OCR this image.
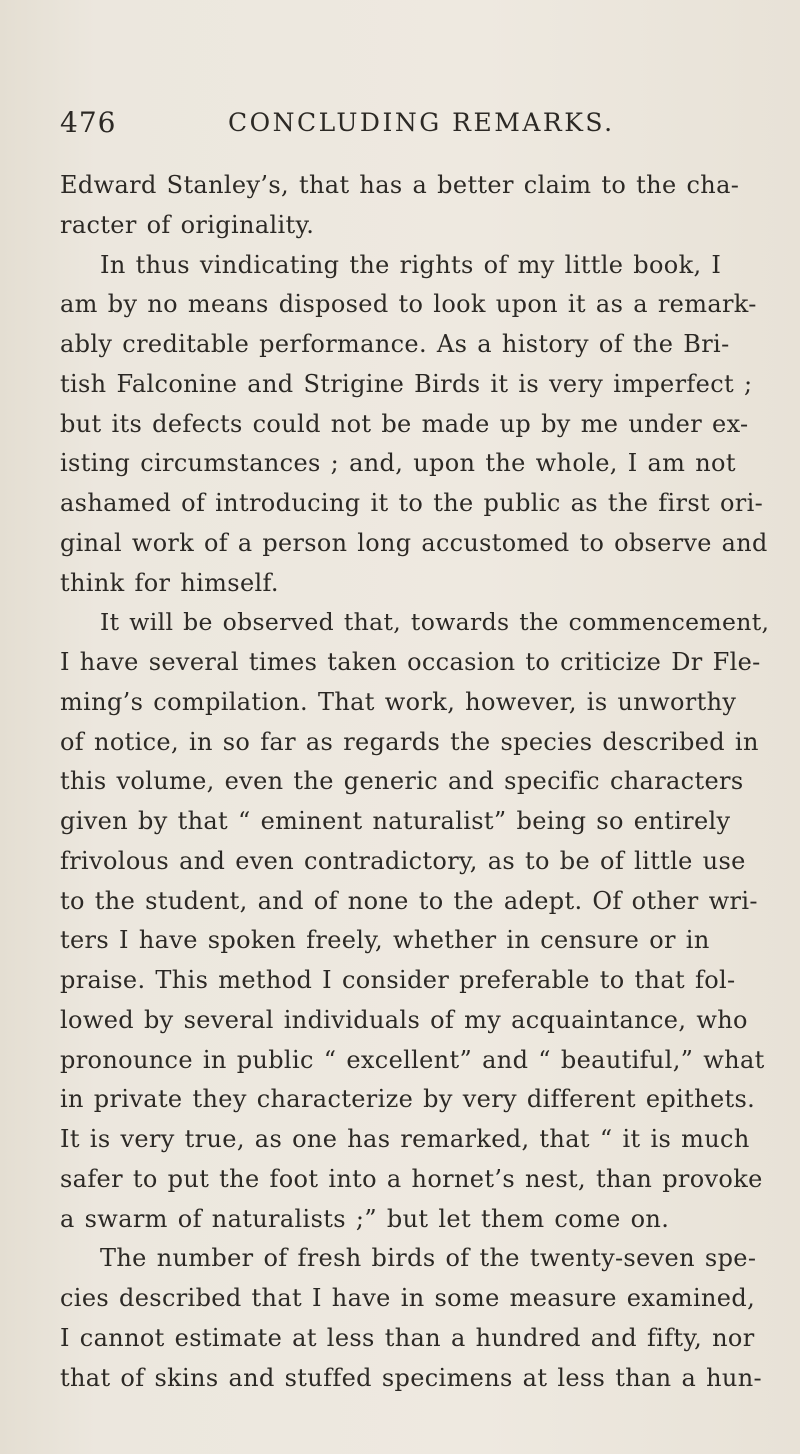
476	CONCLUDING REMARKS.
Edward Stanley’s, that has a better claim to the cha-
racter of originality.
In thus vindicating the rights of my little book, I
am by no means disposed to look upon it as a remark-
ably creditable performance. As a history of the Bri-
tish Falconine and Strigine Birds it is very imperfect ;
but its defects could not be made up by me under ex-
isting circumstances ; and, upon the whole, I am not
ashamed of introducing it to the public as the first ori-
ginal work of a person long accustomed to observe and
think for himself.
It will be observed that, towards the commencement,
I have several times taken occasion to criticize Dr Fle-
ming’s compilation. That work, however, is unworthy
of notice, in so far as regards the species described in
this volume, even the generic and specific characters
given by that “ eminent naturalist” being so entirely
frivolous and even contradictory, as to be of little use
to the student, and of none to the adept. Of other wri-
ters I have spoken freely, whether in censure or in
praise. This method I consider preferable to that fol-
lowed by several individuals of my acquaintance, who
pronounce in public “ excellent” and “ beautiful,” what
in private they characterize by very different epithets.
It is very true, as one has remarked, that “ it is much
safer to put the foot into a hornet’s nest, than provoke
a swarm of naturalists ;” but let them come on.
The number of fresh birds of the twenty-seven spe-
cies described that I have in some measure examined,
I cannot estimate at less than a hundred and fifty, nor
that of skins and stuffed specimens at less than a hun-
